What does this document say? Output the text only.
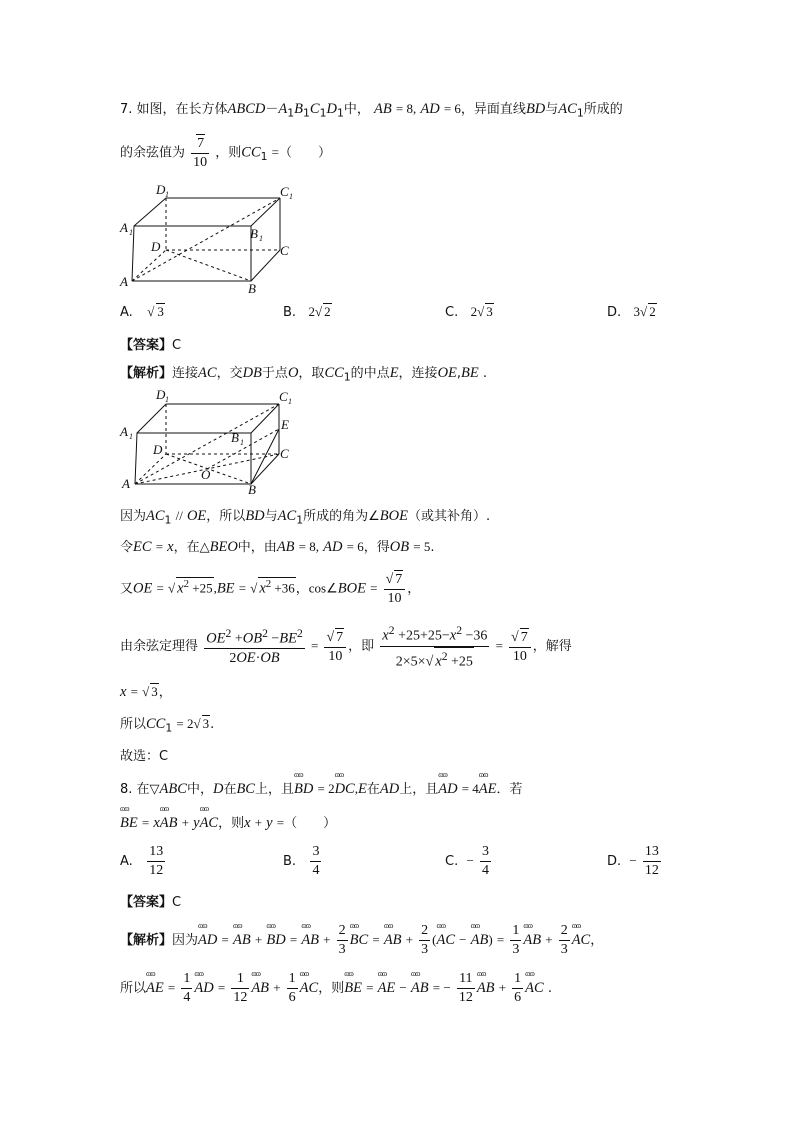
7. 如图，在长方体$ABCD-A_1B_1C_1D_1$中， AB = 8, AD = 6，异面直线BD与$AC_1$所成的
的余弦值为 $\frac{7}{10}$ ，则$CC_1$ =（　　）
D 1	C 1
A 1	B 1
D	C
A	B
A.   √ 3	B.   2√ 2	C.   2√ 3	D.   3√ 2
【答案】C
【解析】连接AC，交DB于点O，取$CC_1$的中点E，连接OE,BE .
D 1	C 1
A 1	B 1
E
D	C
O
A	B
因为$AC_1$ // OE，所以BD与$AC_1$所成的角为∠BOE（或其补角）.
令EC = x，在△BEO中，由AB = 8, AD = 6，得OB = 5.
又OE = √ $x^2 +25,BE$ = √ $x^2 +36$，cos∠BOE = $\frac{√ 7}{10}$ ，
由余弦定理得 $\frac{OE^2 +OB^2 -BE^2}{2OE\cdot OB} = \frac{√ 7}{10}$ ，即 $\frac{x^2 +25+25-x^2 -36}{2\times 5\times√ x^2 +25} = \frac{√ 7}{10}$ ，解得
x = √ 3，
所以$CC_1 = 2√$ 3.
故选：C
8. 在▽ABC中，D在BC上，且ɷɷ BD = 2ɷɷ DC,E在AD上，且ɷɷ AD = 4ɷɷ AE．若
ɷɷ BE = xɷɷ AB + yɷɷ AC，则x + y =（　　）
A. $\frac{13}{12}$	B. $\frac{3}{4}$	C. − $\frac{3}{4}$	D. − $\frac{13}{12}$
【答案】C
【解析】因为ɷɷ AD = ɷɷ AB + ɷɷ BD = ɷɷ AB + $\frac{2}{3}$ ɷɷ BC = ɷɷ AB + $\frac{2}{3}$ (ɷɷ AC − ɷɷ $AB) = \frac{1}{3}$ ɷɷ AB + $\frac{2}{3}$ ɷɷ AC，
所以ɷɷ AE = $\frac{1}{4}$ ɷɷ AD = $\frac{1}{12}$ ɷɷ AB + $\frac{1}{6}$ ɷɷ AC，则ɷɷ BE = ɷɷ AE − ɷɷ AB = − $\frac{11}{12}$ ɷɷ AB + $\frac{1}{6}$ ɷɷ AC .
